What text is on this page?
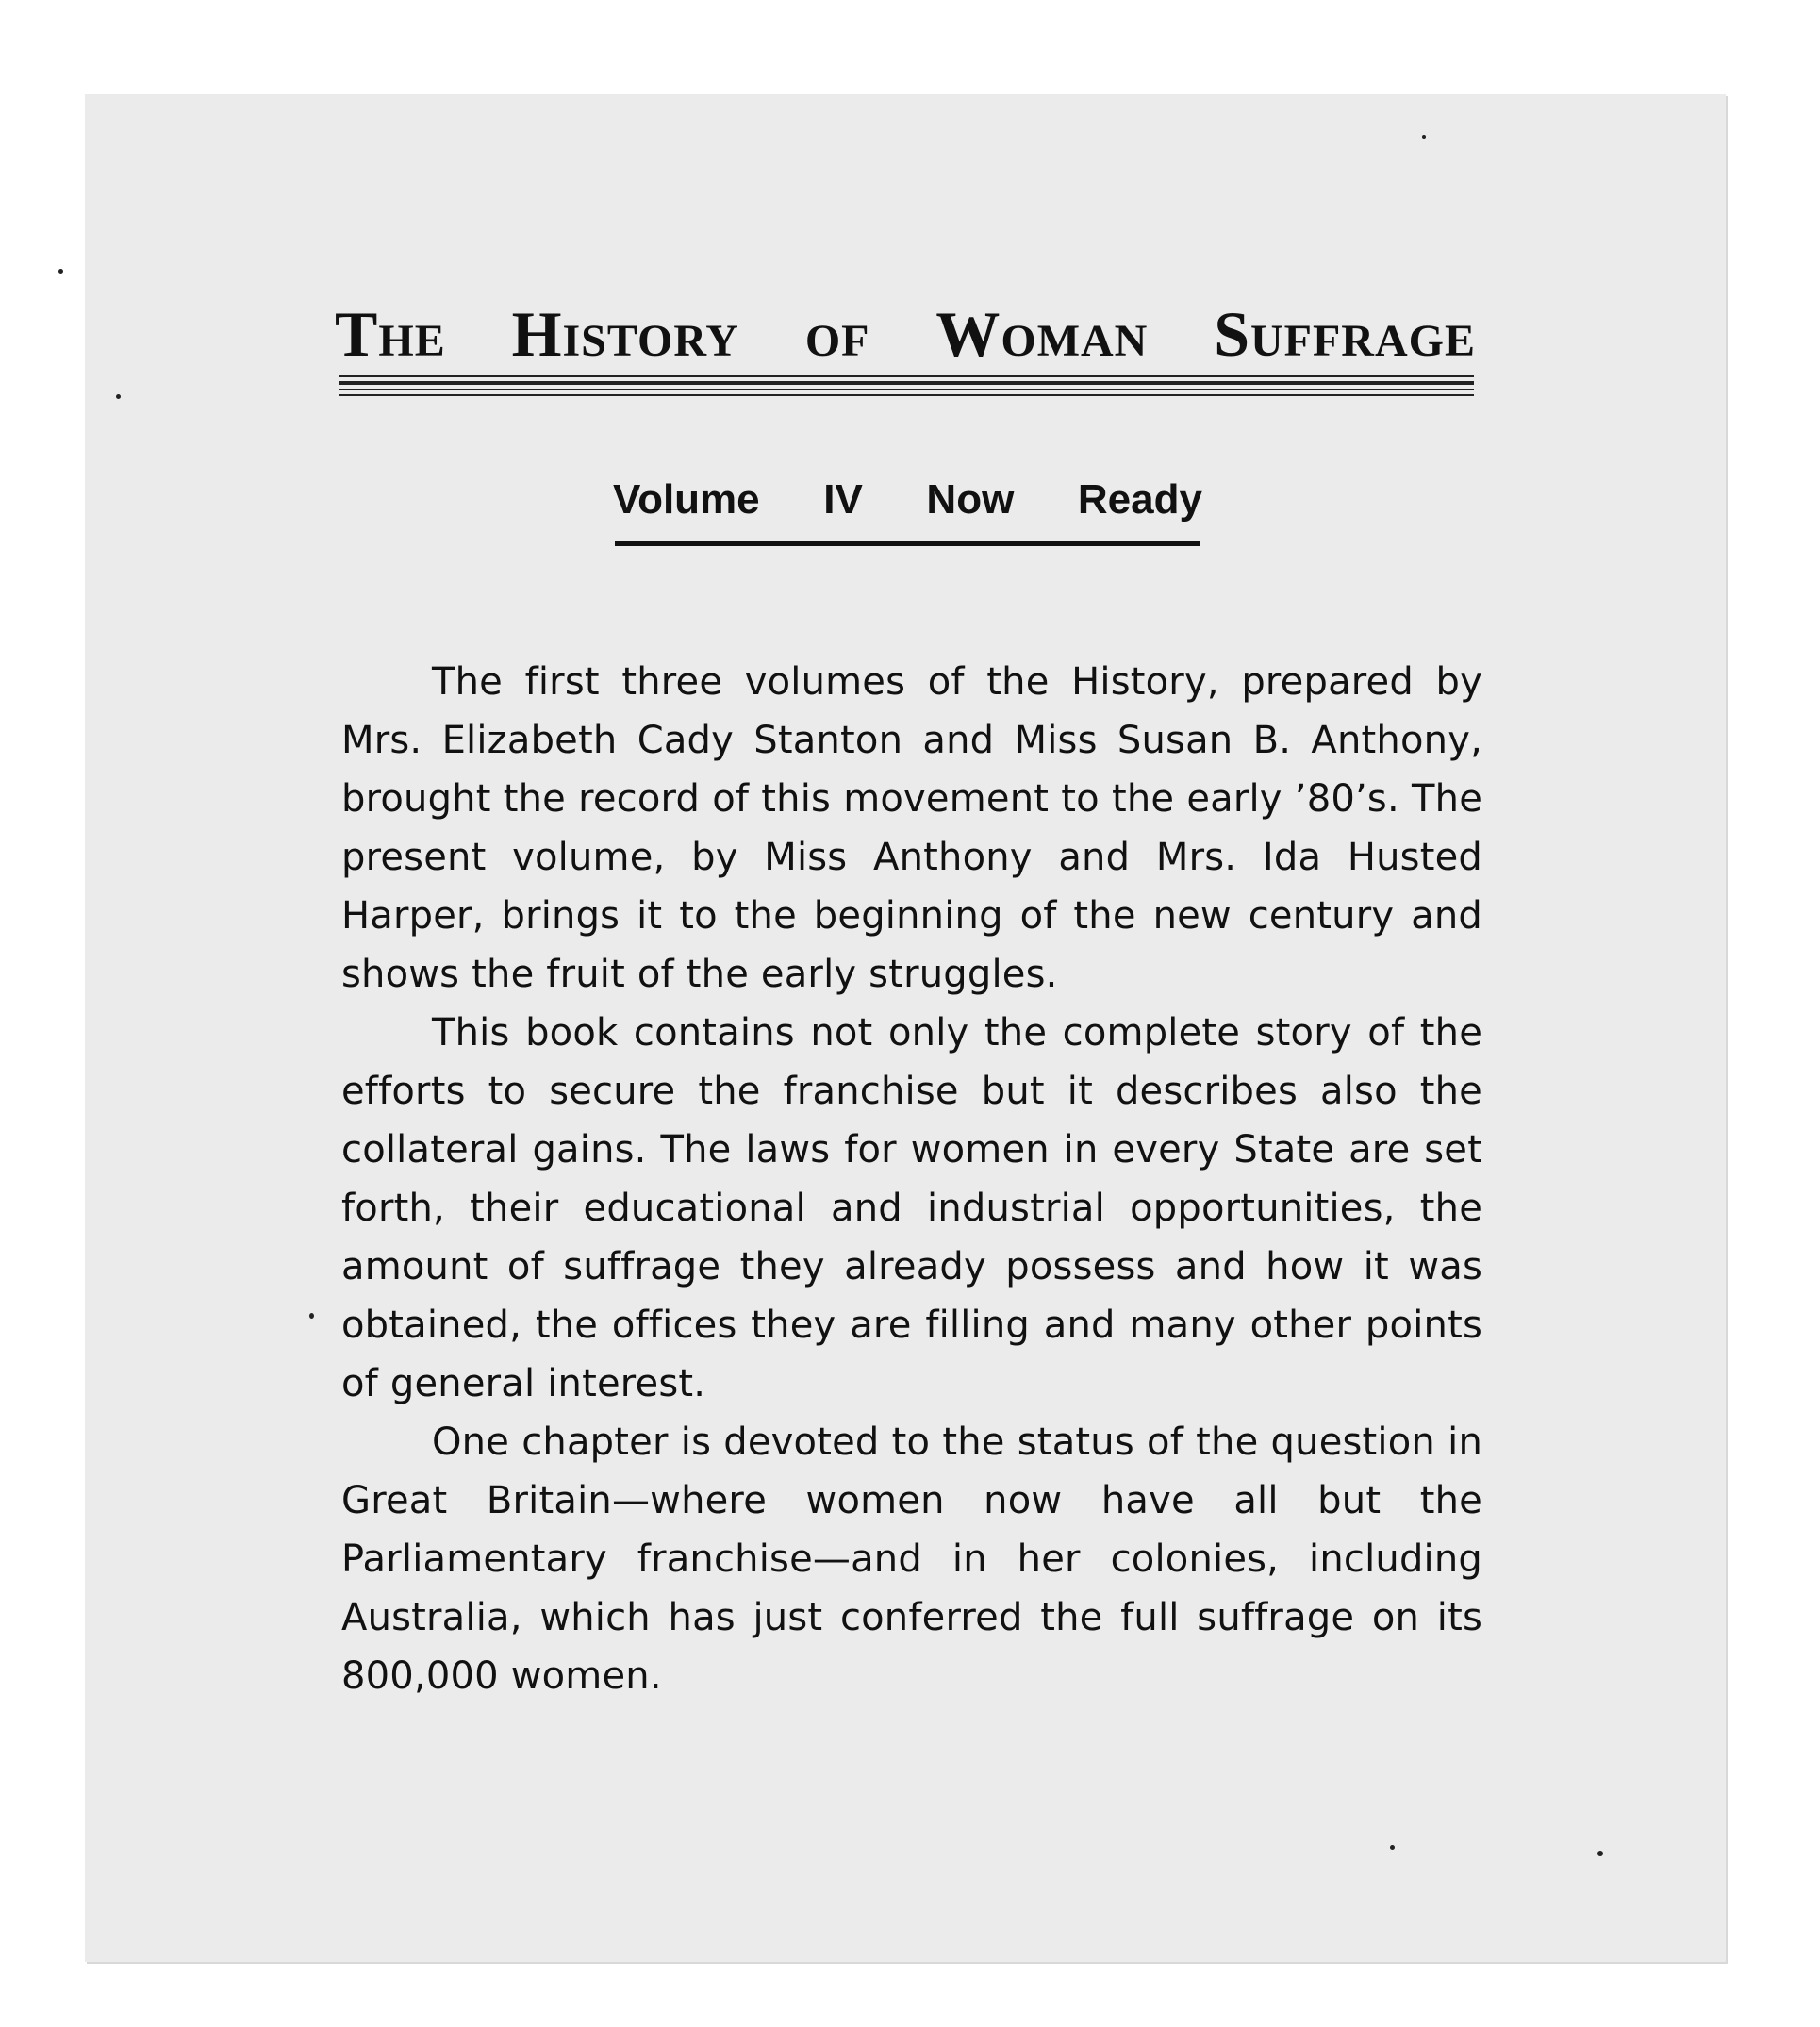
The History of Woman Suffrage
Volume IV Now Ready

The first three volumes of the History, prepared by Mrs. Elizabeth Cady Stanton and Miss Susan B. Anthony, brought the record of this movement to the early ’80’s. The present volume, by Miss Anthony and Mrs. Ida Husted Harper, brings it to the beginning of the new century and shows the fruit of the early struggles.

This book contains not only the complete story of the efforts to secure the franchise but it describes also the collateral gains. The laws for women in every State are set forth, their educational and industrial opportunities, the amount of suffrage they already possess and how it was obtained, the offices they are filling and many other points of general interest.

One chapter is devoted to the status of the question in Great Britain—where women now have all but the Parliamentary franchise—and in her colonies, including Australia, which has just conferred the full suffrage on its 800,000 women.
